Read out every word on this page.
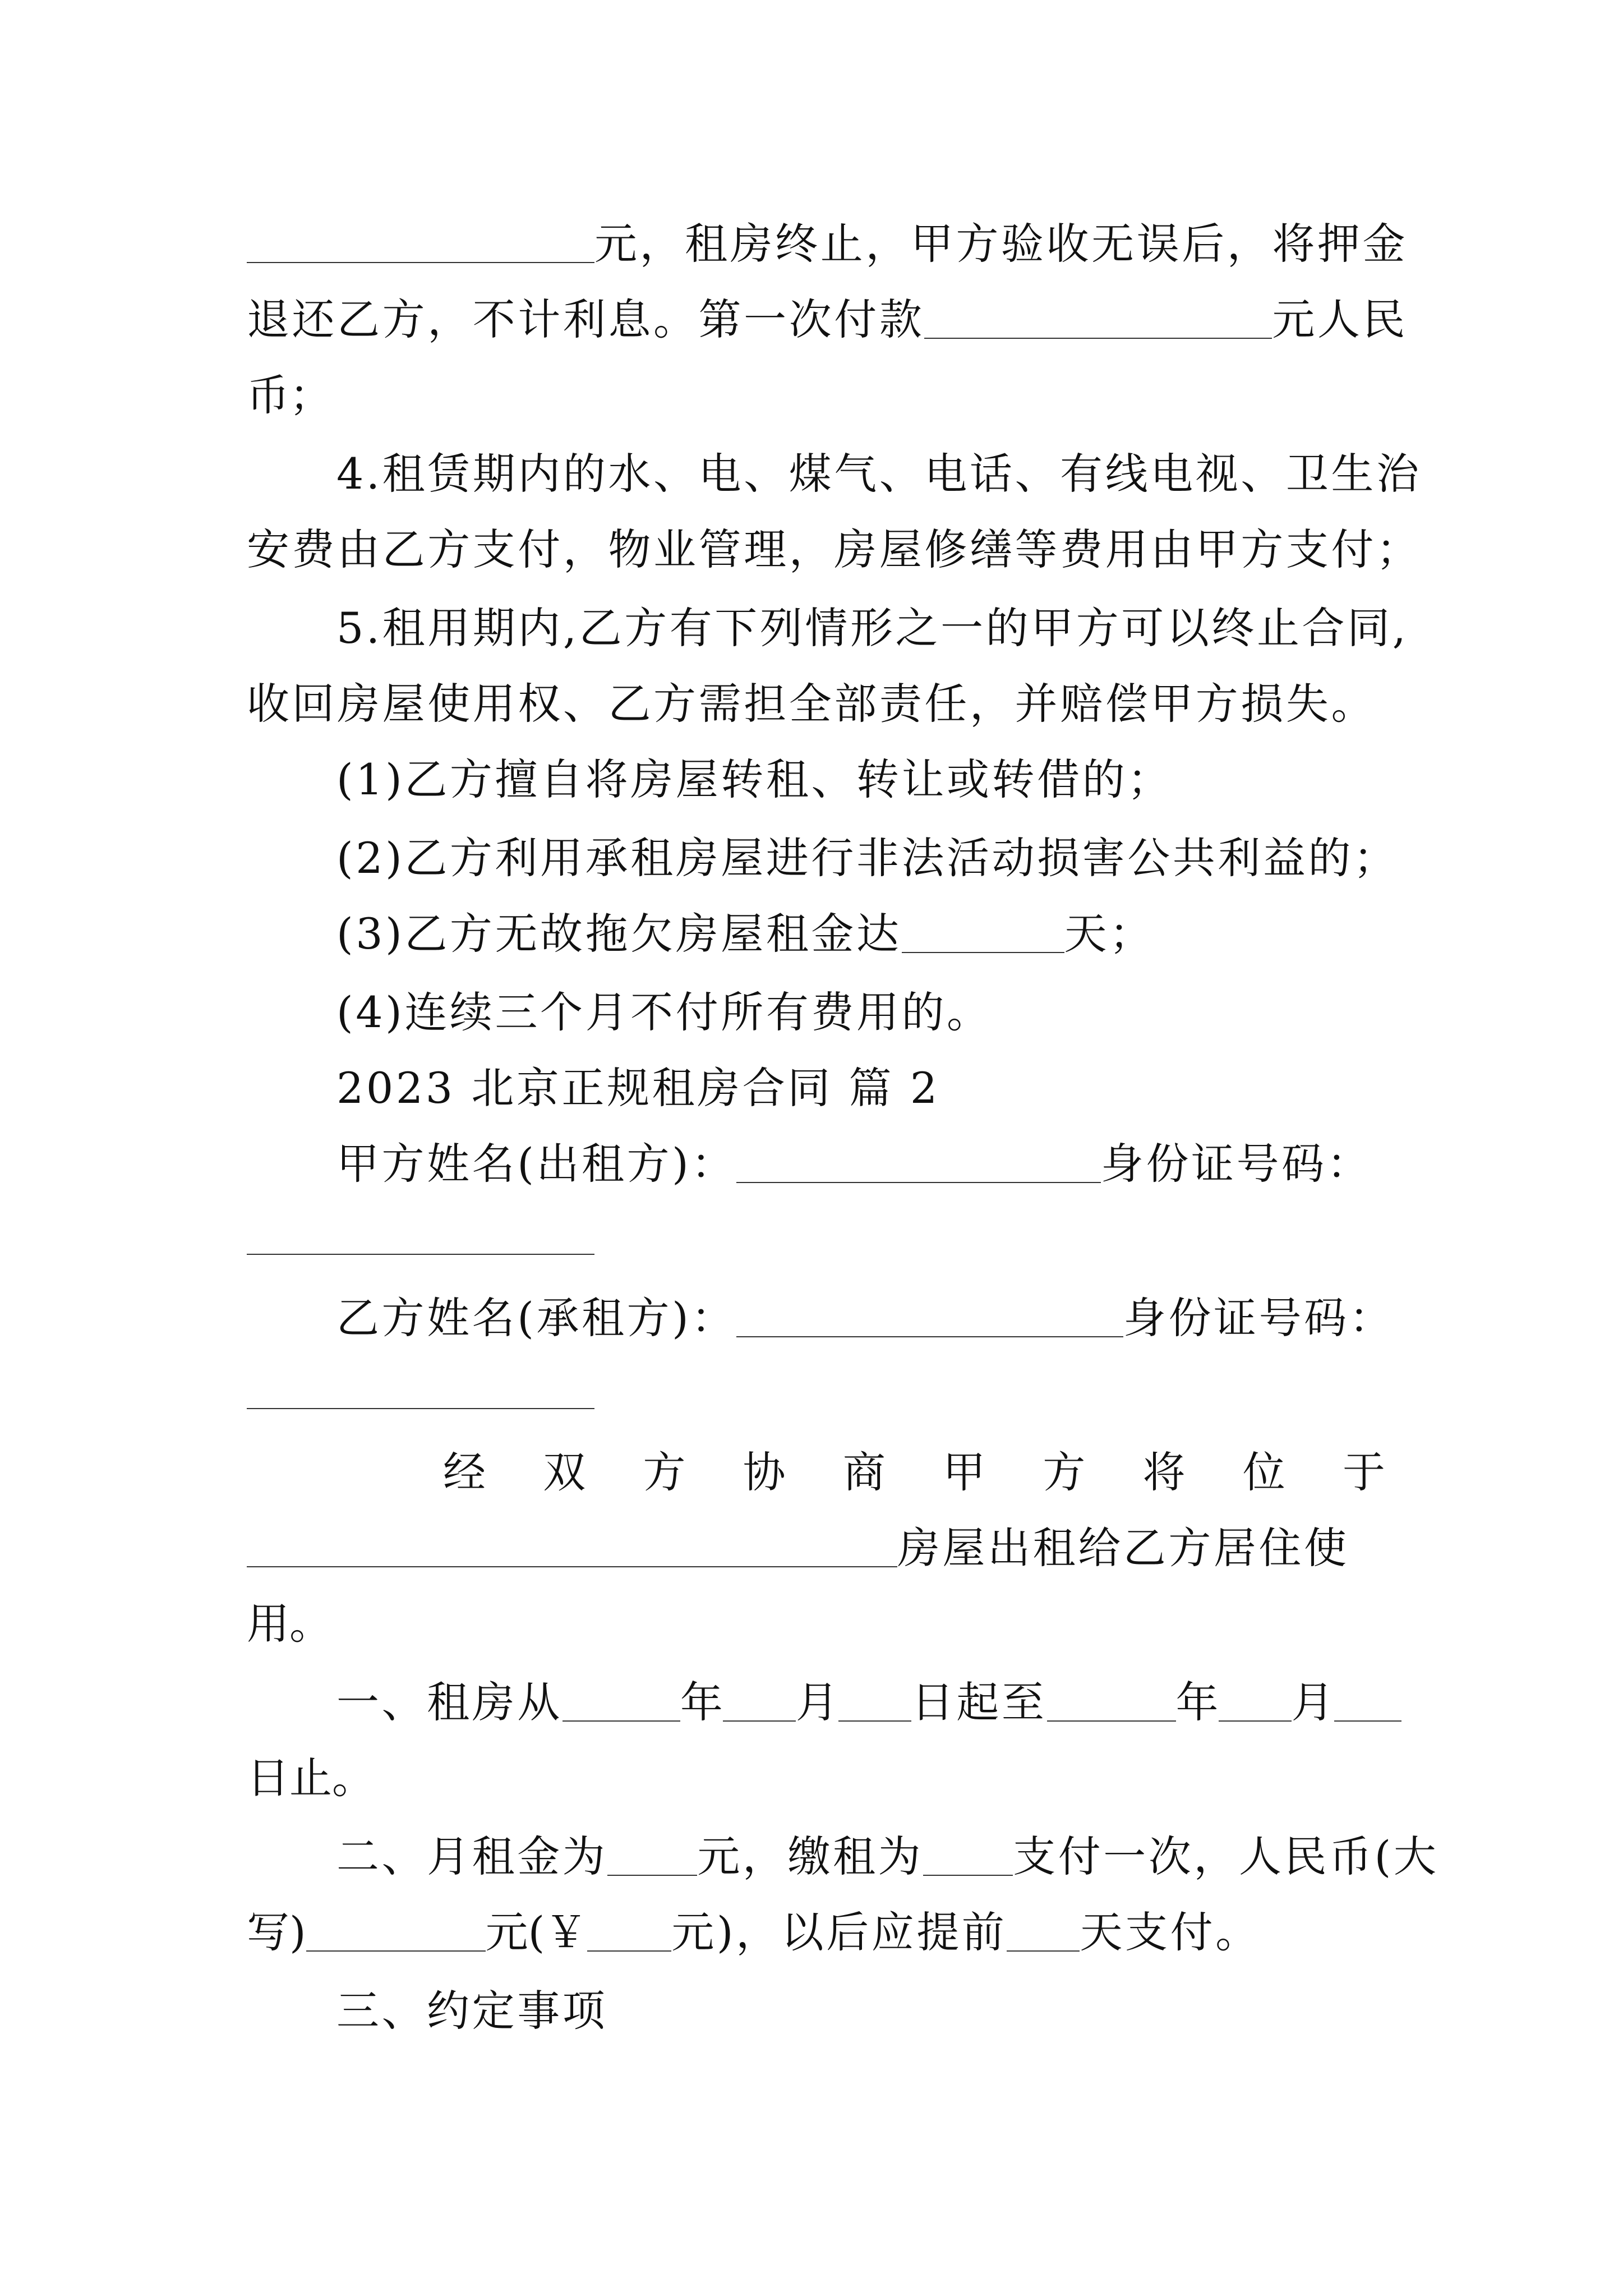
元，租房终止，甲方验收无误后，将押金
退还乙方，不计利息。第一次付款	元人民
币；
4.租赁期内的水、电、煤气、电话、有线电视、卫生治
安费由乙方支付，物业管理，房屋修缮等费用由甲方支付；
5.租用期内,乙方有下列情形之一的甲方可以终止合同,
收回房屋使用权、乙方需担全部责任，并赔偿甲方损失。
(1)乙方擅自将房屋转租、转让或转借的；
(2)乙方利用承租房屋进行非法活动损害公共利益的；
(3)乙方无故拖欠房屋租金达	天；
(4)连续三个月不付所有费用的。
2023 北京正规租房合同 篇 2
甲方姓名(出租方)：	身份证号码：
乙方姓名(承租方)：	身份证号码：
经 双 方 协 商 甲 方 将 位 于
房屋出租给乙方居住使
用。
一、租房从	年 月 日起至	年 月
日止。
二、月租金为 元，缴租为 支付一次，人民币(大
写)	元(￥ 元)，以后应提前 天支付。
三、约定事项
